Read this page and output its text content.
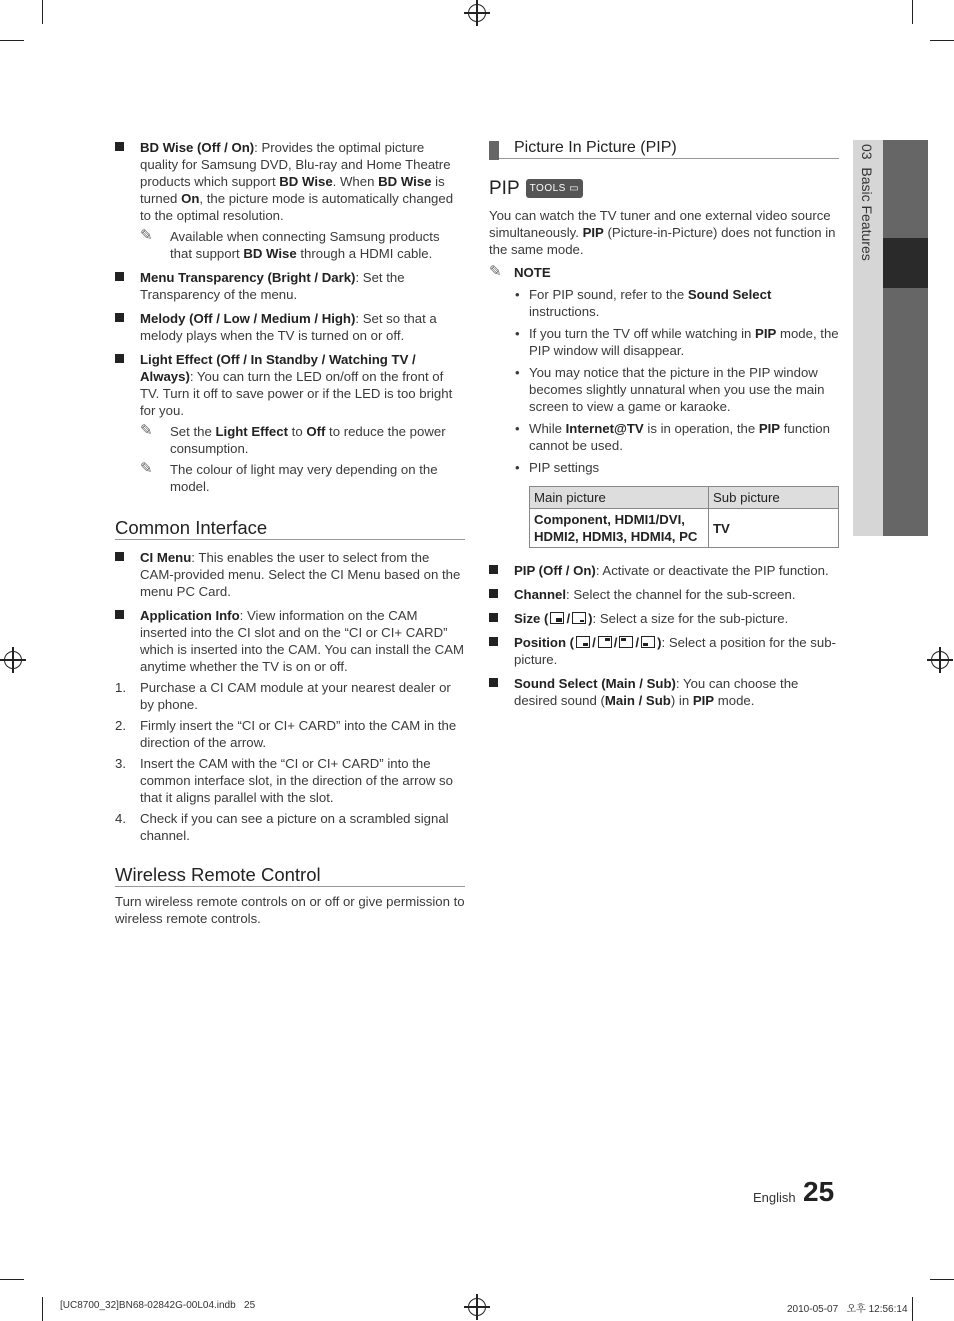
03  Basic Features
BD Wise (Off / On): Provides the optimal picture quality for Samsung DVD, Blu-ray and Home Theatre products which support BD Wise. When BD Wise is turned On, the picture mode is automatically changed to the optimal resolution.
✎ Available when connecting Samsung products that support BD Wise through a HDMI cable.
Menu Transparency (Bright / Dark): Set the Transparency of the menu.
Melody (Off / Low / Medium / High): Set so that a melody plays when the TV is turned on or off.
Light Effect (Off / In Standby / Watching TV / Always): You can turn the LED on/off on the front of TV. Turn it off to save power or if the LED is too bright for you.
✎ Set the Light Effect to Off to reduce the power consumption.
✎ The colour of light may very depending on the model.
Common Interface
CI Menu: This enables the user to select from the CAM-provided menu. Select the CI Menu based on the menu PC Card.
Application Info: View information on the CAM inserted into the CI slot and on the “CI or CI+ CARD” which is inserted into the CAM. You can install the CAM anytime whether the TV is on or off.
1. Purchase a CI CAM module at your nearest dealer or by phone.
2. Firmly insert the “CI or CI+ CARD” into the CAM in the direction of the arrow.
3. Insert the CAM with the “CI or CI+ CARD” into the common interface slot, in the direction of the arrow so that it aligns parallel with the slot.
4. Check if you can see a picture on a scrambled signal channel.
Wireless Remote Control
Turn wireless remote controls on or off or give permission to wireless remote controls.
Picture In Picture (PIP)
PIP	TOOLS ▭
You can watch the TV tuner and one external video source simultaneously. PIP (Picture-in-Picture) does not function in the same mode.
✎ NOTE
• For PIP sound, refer to the Sound Select instructions.
• If you turn the TV off while watching in PIP mode, the PIP window will disappear.
• You may notice that the picture in the PIP window becomes slightly unnatural when you use the main screen to view a game or karaoke.
• While Internet@TV is in operation, the PIP function cannot be used.
• PIP settings
Main picture	Sub picture
Component, HDMI1/DVI, HDMI2, HDMI3, HDMI4, PC	TV
PIP (Off / On): Activate or deactivate the PIP function.
Channel: Select the channel for the sub-screen.
Size ( / ): Select a size for the sub-picture.
Position ( / / / ): Select a position for the sub-picture.
Sound Select (Main / Sub): You can choose the desired sound (Main / Sub) in PIP mode.
English 25
[UC8700_32]BN68-02842G-00L04.indb   25	2010-05-07   오후 12:56:14
